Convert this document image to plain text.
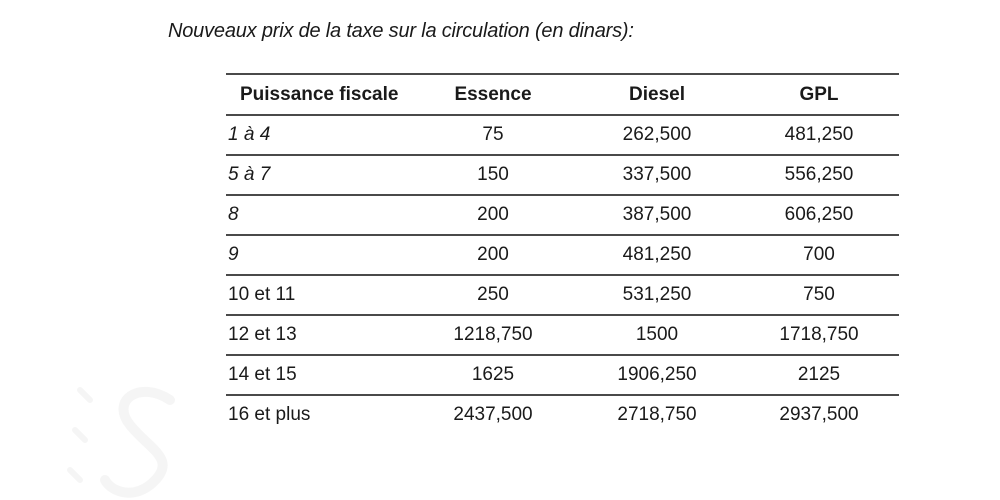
Nouveaux prix de la taxe sur la circulation (en dinars):
Puissance fiscale	Essence	Diesel	GPL
1 à 4	75	262,500	481,250
5 à 7	150	337,500	556,250
8	200	387,500	606,250
9	200	481,250	700
10 et 11	250	531,250	750
12 et 13	1218,750	1500	1718,750
14 et 15	1625	1906,250	2125
16 et plus	2437,500	2718,750	2937,500
